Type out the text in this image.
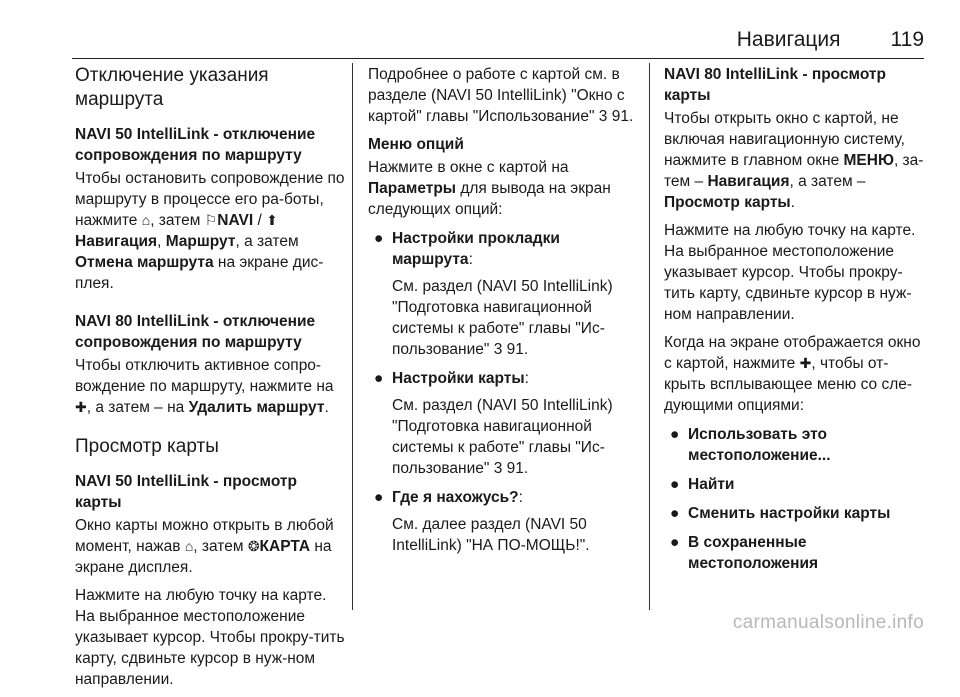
Навигация 119
Отключение указания
маршрута
NAVI 50 IntelliLink - отключение
сопровождения по маршруту

Чтобы остановить сопровождение по маршруту в процессе его ра-боты, нажмите ⌂, затем ⚐NAVI / ⬆Навигация, Маршрут, а затем Отмена маршрута на экране дис-плея.

NAVI 80 IntelliLink - отключение
сопровождения по маршруту

Чтобы отключить активное сопро-вождение по маршруту, нажмите на ✚, а затем – на Удалить маршрут.

Просмотр карты
NAVI 50 IntelliLink - просмотр карты

Окно карты можно открыть в любой момент, нажав ⌂, затем ❂КАРТА на экране дисплея.

Нажмите на любую точку на карте. На выбранное местоположение указывает курсор. Чтобы прокру-тить карту, сдвиньте курсор в нуж-ном направлении.

Подробнее о работе с картой см. в разделе (NAVI 50 IntelliLink) "Окно с картой" главы "Использование" 3 91.

Меню опций

Нажмите в окне с картой на Параметры для вывода на экран следующих опций:

● Настройки прокладки маршрута:

См. раздел (NAVI 50 IntelliLink) "Подготовка навигационной системы к работе" главы "Ис-пользование" 3 91.

● Настройки карты:

См. раздел (NAVI 50 IntelliLink) "Подготовка навигационной системы к работе" главы "Ис-пользование" 3 91.

● Где я нахожусь?:

См. далее раздел (NAVI 50 IntelliLink) "НА ПО-МОЩЬ!".

NAVI 80 IntelliLink - просмотр карты

Чтобы открыть окно с картой, не включая навигационную систему, нажмите в главном окне МЕНЮ, за-тем – Навигация, а затем – Просмотр карты.

Нажмите на любую точку на карте. На выбранное местоположение указывает курсор. Чтобы прокру-тить карту, сдвиньте курсор в нуж-ном направлении.

Когда на экране отображается окно с картой, нажмите ✚, чтобы от-крыть всплывающее меню со сле-дующими опциями:

● Использовать это местоположение...
● Найти
● Сменить настройки карты
● В сохраненные местоположения
carmanualsonline.info
